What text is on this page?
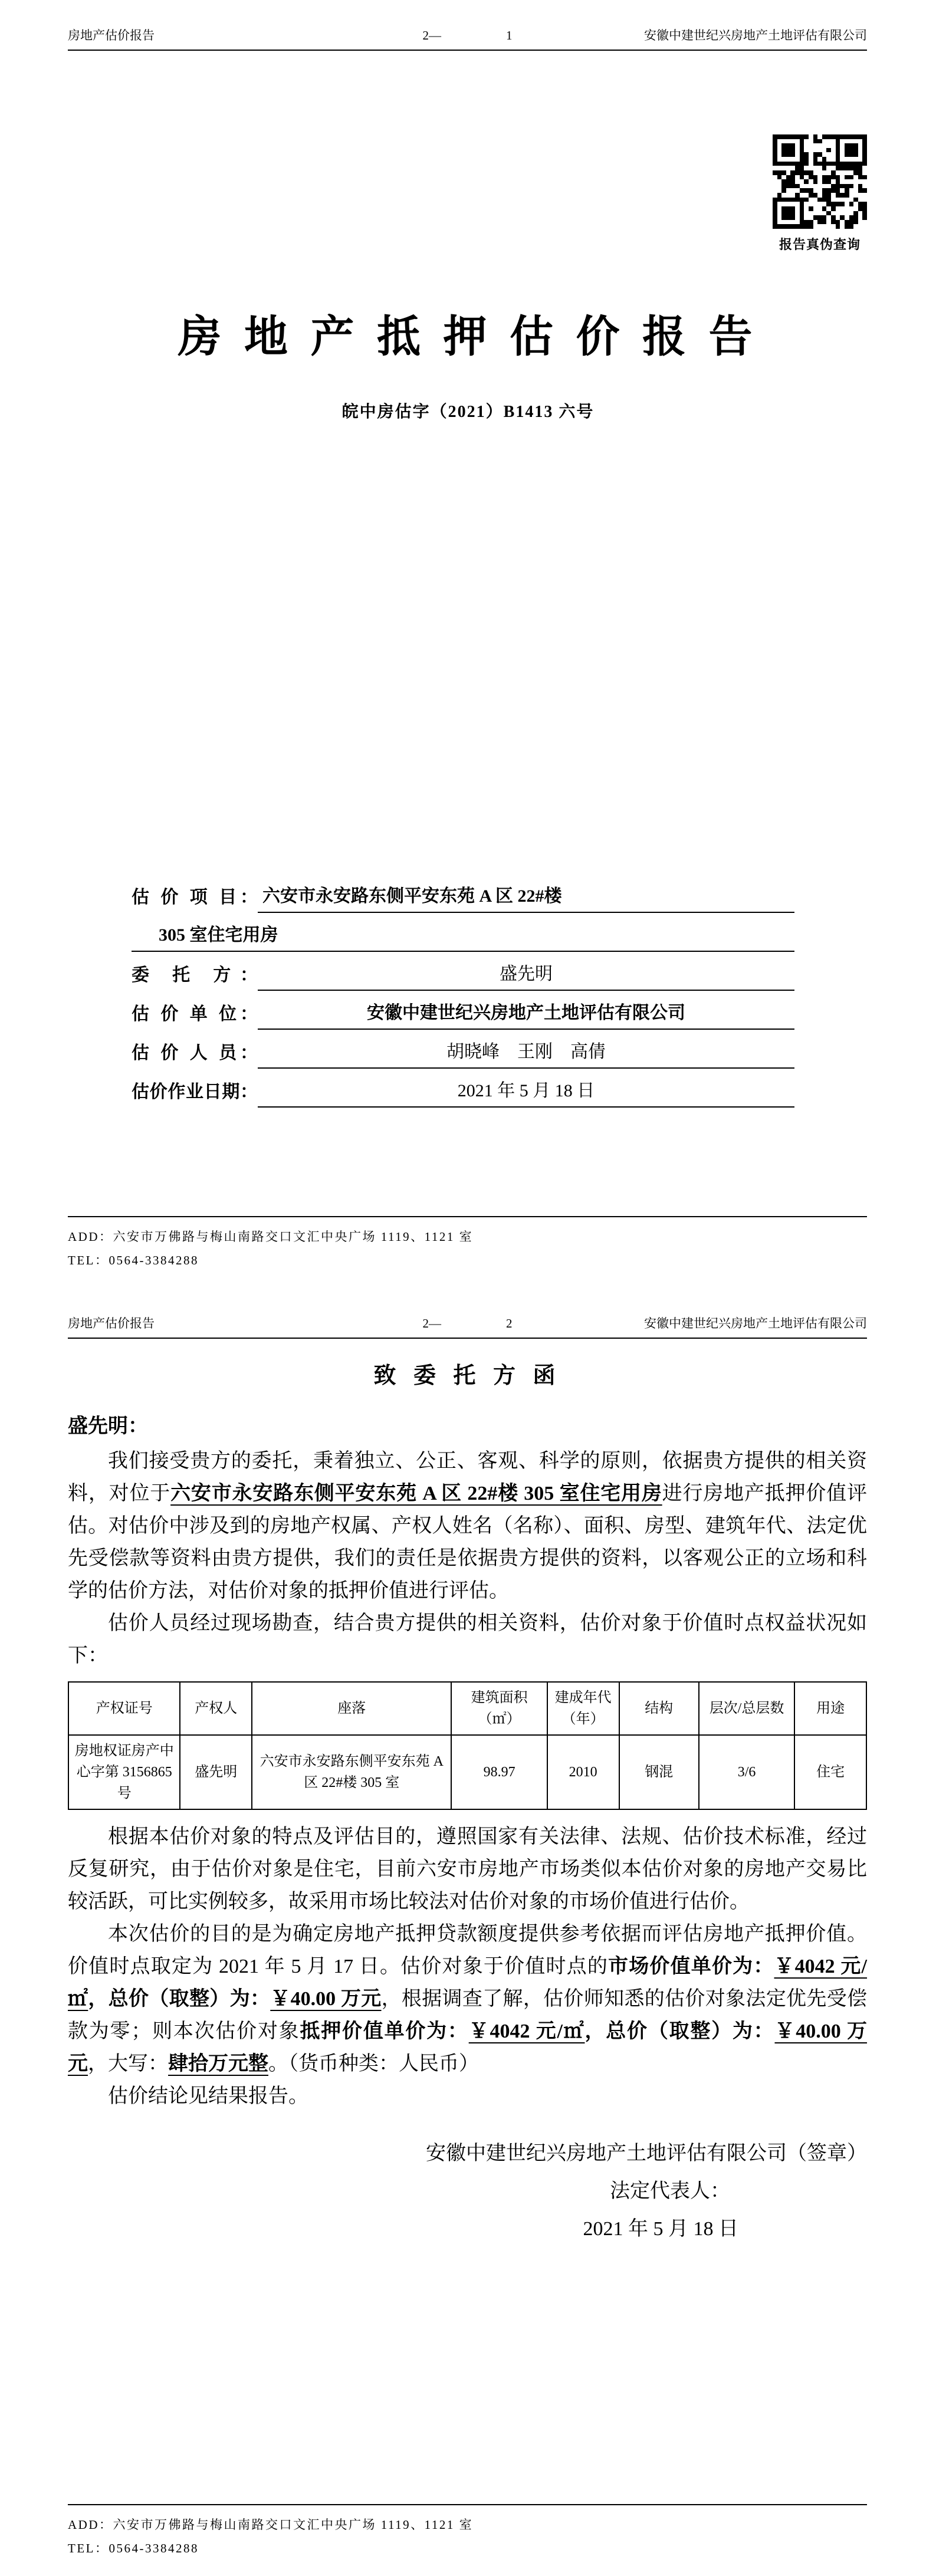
房地产估价报告	2—	1	安徽中建世纪兴房地产土地评估有限公司
报告真伪查询
房 地 产 抵 押 估 价 报 告
皖中房估字（2021）B1413 六号
估 价 项 目： 六安市永安路东侧平安东苑 A 区 22#楼
305 室住宅用房
委 托 方：	盛先明
估 价 单 位：	安徽中建世纪兴房地产土地评估有限公司
估 价 人 员：	胡晓峰　王刚　高倩
估价作业日期：	2021 年 5 月 18 日
ADD：六安市万佛路与梅山南路交口文汇中央广场 1119、1121 室
TEL：0564-3384288
房地产估价报告	2—	2	安徽中建世纪兴房地产土地评估有限公司
致 委 托 方 函
盛先明：

我们接受贵方的委托，秉着独立、公正、客观、科学的原则，依据贵方提供的相关资料，对位于六安市永安路东侧平安东苑 A 区 22#楼 305 室住宅用房进行房地产抵押价值评估。对估价中涉及到的房地产权属、产权人姓名（名称）、面积、房型、建筑年代、法定优先受偿款等资料由贵方提供，我们的责任是依据贵方提供的资料，以客观公正的立场和科学的估价方法，对估价对象的抵押价值进行评估。

估价人员经过现场勘查，结合贵方提供的相关资料，估价对象于价值时点权益状况如下：

产权证号	产权人	座落	建筑面积（㎡）	建成年代（年）	结构	层次/总层数	用途
房地权证房产中心字第 3156865 号	盛先明	六安市永安路东侧平安东苑 A 区 22#楼 305 室	98.97	2010	钢混	3/6	住宅

根据本估价对象的特点及评估目的，遵照国家有关法律、法规、估价技术标准，经过反复研究，由于估价对象是住宅，目前六安市房地产市场类似本估价对象的房地产交易比较活跃，可比实例较多，故采用市场比较法对估价对象的市场价值进行估价。

本次估价的目的是为确定房地产抵押贷款额度提供参考依据而评估房地产抵押价值。价值时点取定为 2021 年 5 月 17 日。估价对象于价值时点的市场价值单价为：￥4042 元/㎡，总价（取整）为：￥40.00 万元，根据调查了解，估价师知悉的估价对象法定优先受偿款为零；则本次估价对象抵押价值单价为：￥4042 元/㎡，总价（取整）为：￥40.00 万元，大写：肆拾万元整。（货币种类：人民币）

估价结论见结果报告。

安徽中建世纪兴房地产土地评估有限公司（签章）
法定代表人：
2021 年 5 月 18 日
ADD：六安市万佛路与梅山南路交口文汇中央广场 1119、1121 室
TEL：0564-3384288
